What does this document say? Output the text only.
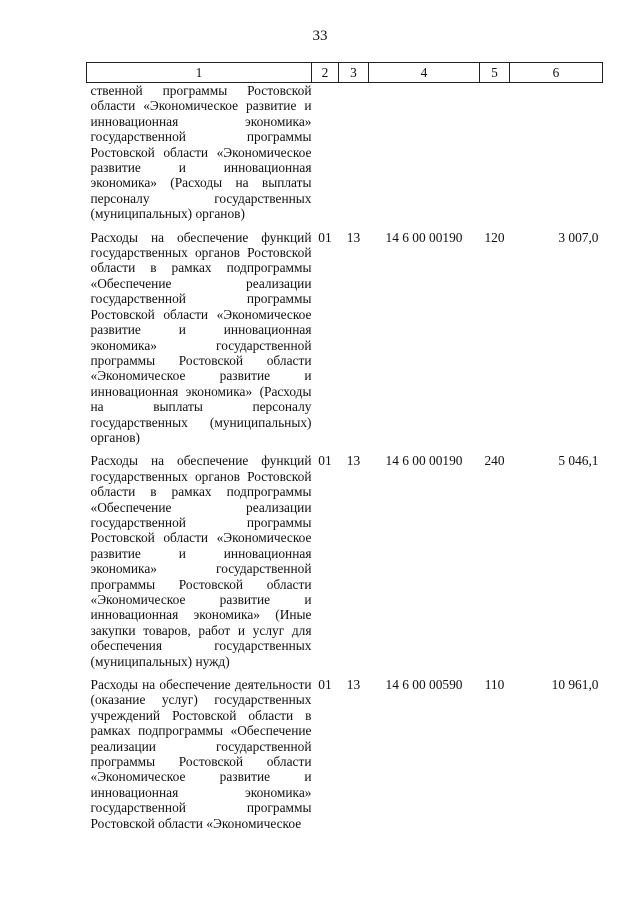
33
1	2	3	4	5	6
ственной программы Ростовской области «Экономическое развитие и инновационная экономика» государственной программы Ростовской области «Экономическое развитие и инновационная экономика» (Расходы на выплаты персоналу государственных (муниципальных) органов)					
Расходы на обеспечение функций государственных органов Ростовской области в рамках подпрограммы «Обеспечение реализации государственной программы Ростовской области «Экономическое развитие и инновационная экономика» государственной программы Ростовской области «Экономическое развитие и инновационная экономика» (Расходы на выплаты персоналу государственных (муниципальных) органов)	01	13	14 6 00 00190	120	3 007,0
Расходы на обеспечение функций государственных органов Ростовской области в рамках подпрограммы «Обеспечение реализации государственной программы Ростовской области «Экономическое развитие и инновационная экономика» государственной программы Ростовской области «Экономическое развитие и инновационная экономика» (Иные закупки товаров, работ и услуг для обеспечения государственных (муниципальных) нужд)	01	13	14 6 00 00190	240	5 046,1
Расходы на обеспечение деятельности (оказание услуг) государственных учреждений Ростовской области в рамках подпрограммы «Обеспечение реализации государственной программы Ростовской области «Экономическое развитие и инновационная экономика» государственной программы Ростовской области «Экономическое	01	13	14 6 00 00590	110	10 961,0
